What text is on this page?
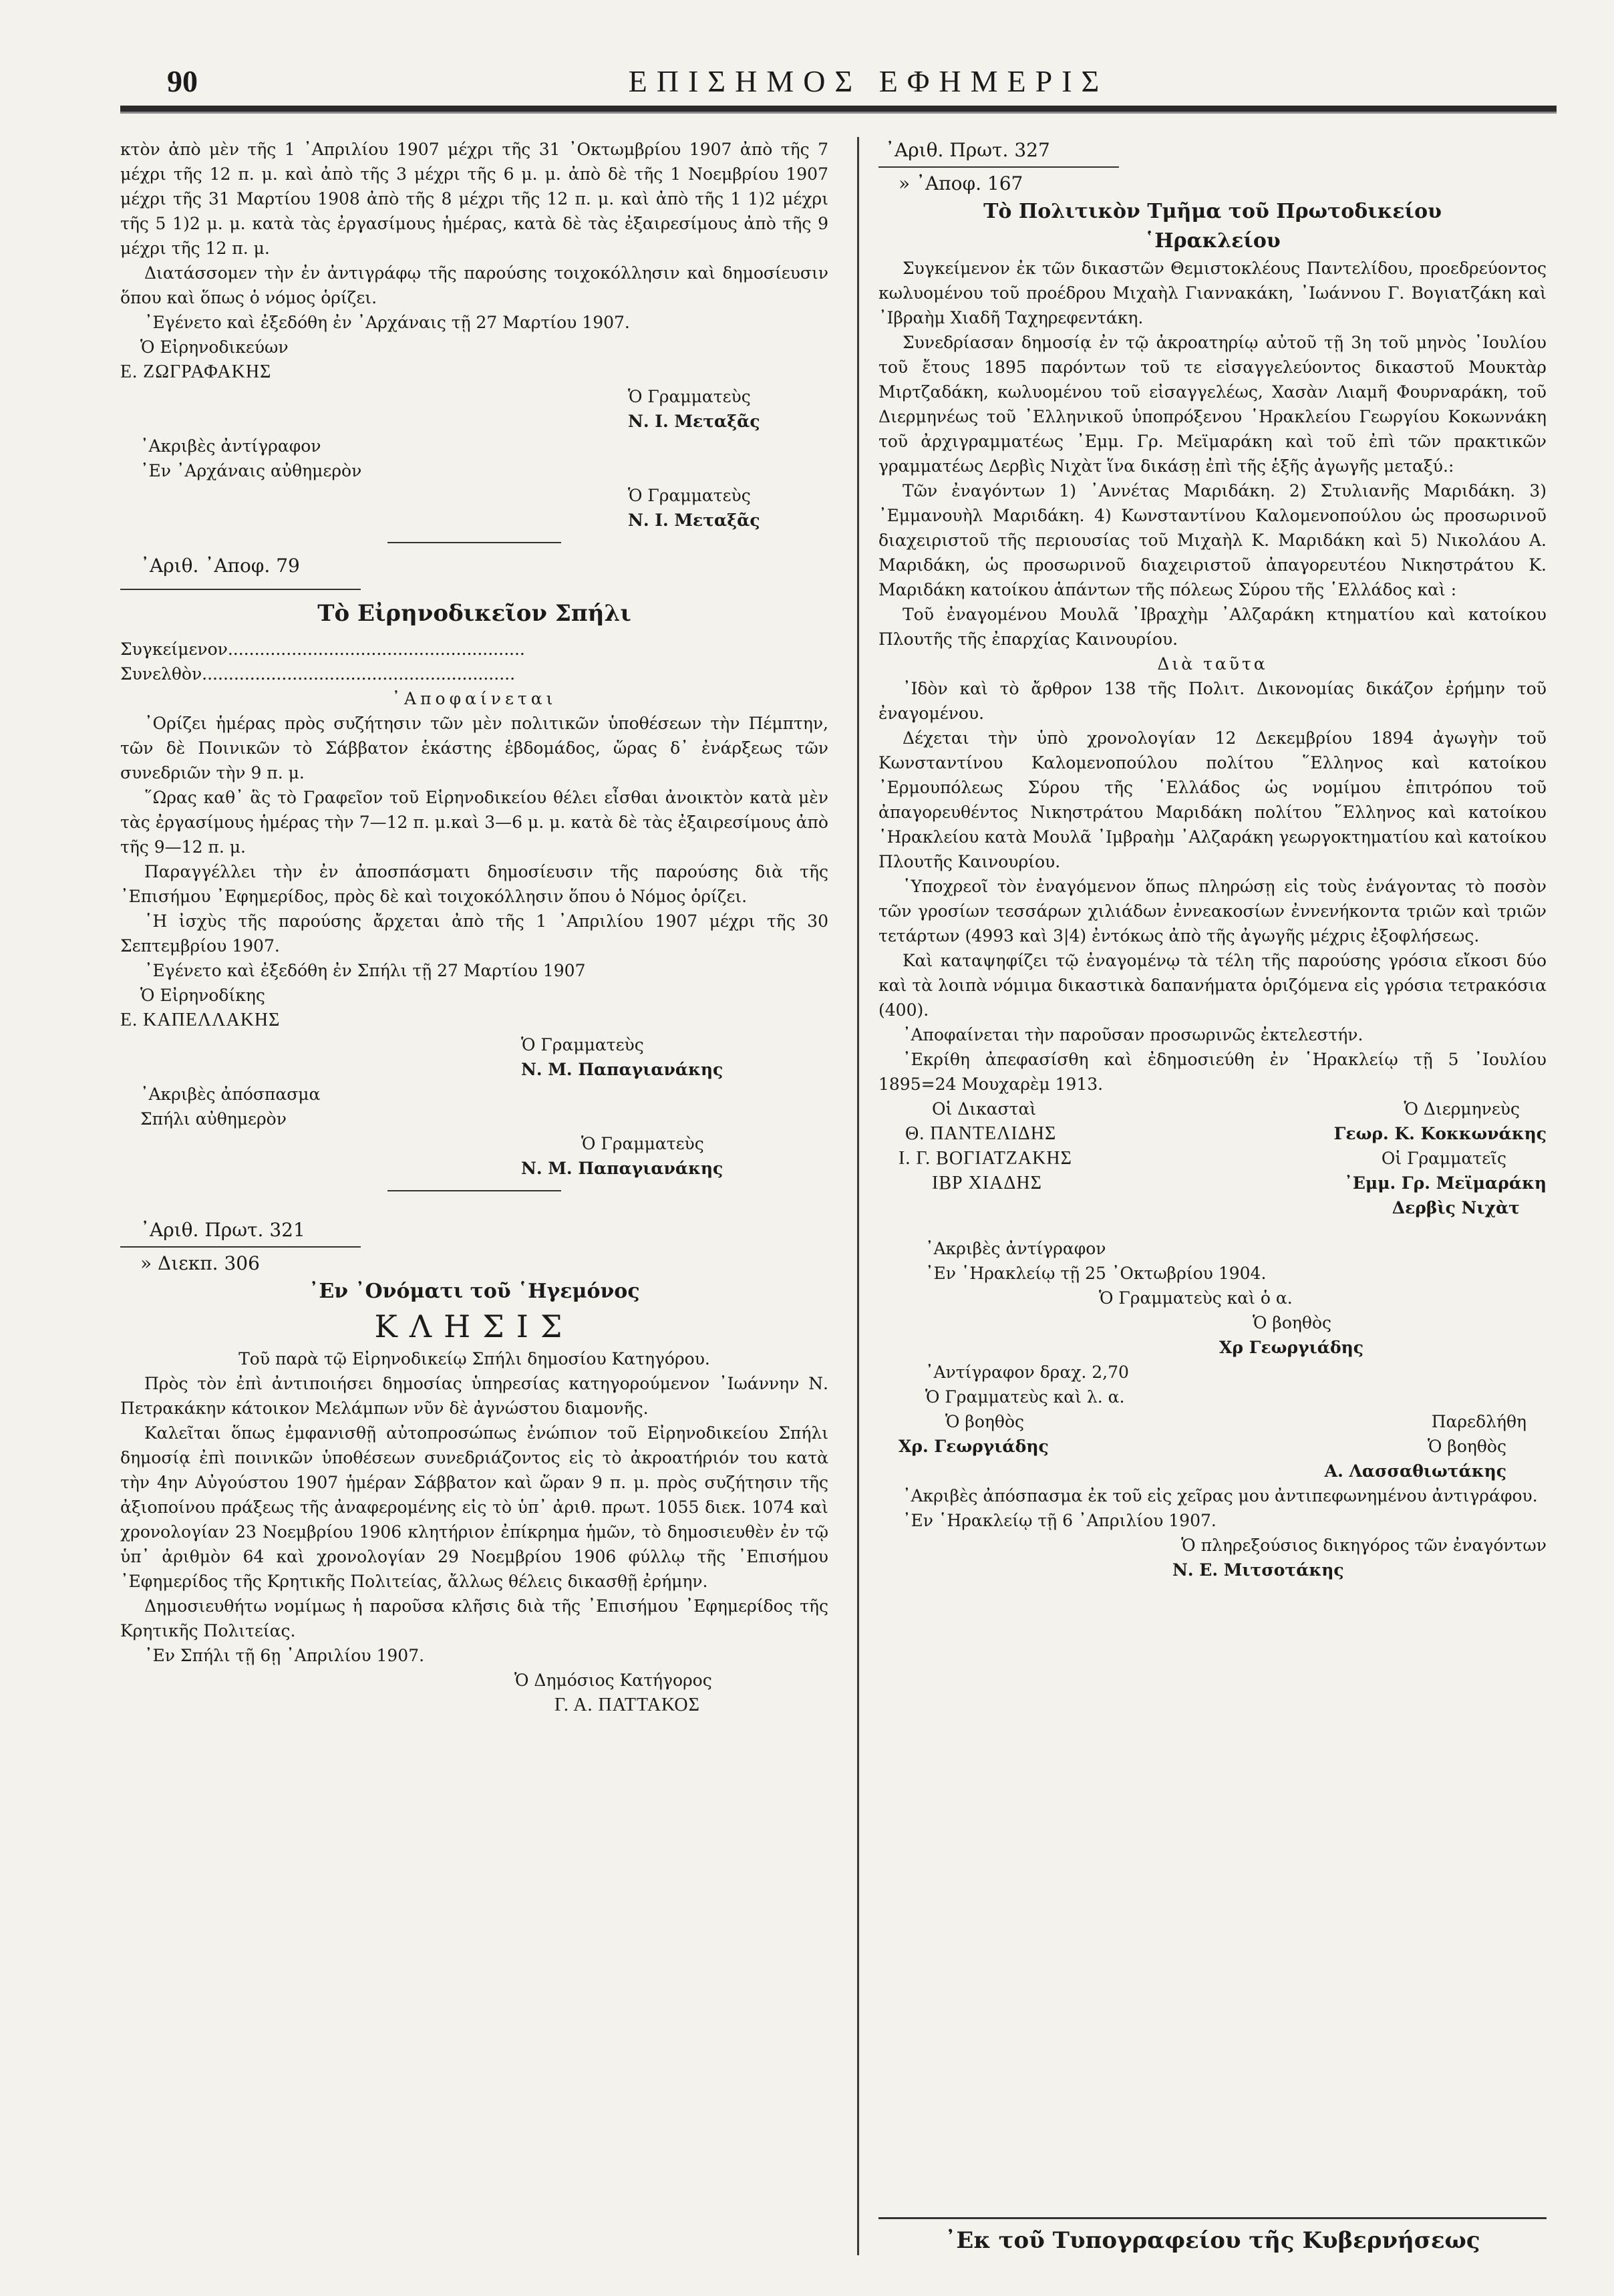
90	ΕΠΙΣΗΜΟΣ ΕΦΗΜΕΡΙΣ

κτὸν ἀπὸ μὲν τῆς 1 ᾿Απριλίου 1907 μέχρι τῆς 31 ᾿Οκτωμβρίου 1907 ἀπὸ τῆς 7 μέχρι τῆς 12 π. μ. καὶ ἀπὸ τῆς 3 μέχρι τῆς 6 μ. μ. ἀπὸ δὲ τῆς 1 Νοεμβρίου 1907 μέχρι τῆς 31 Μαρτίου 1908 ἀπὸ τῆς 8 μέχρι τῆς 12 π. μ. καὶ ἀπὸ τῆς 1 1)2 μέχρι τῆς 5 1)2 μ. μ. κατὰ τὰς ἐργασίμους ἡμέρας, κατὰ δὲ τὰς ἐξαιρεσίμους ἀπὸ τῆς 9 μέχρι τῆς 12 π. μ.

Διατάσσομεν τὴν ἐν ἀντιγράφῳ τῆς παρούσης τοιχοκόλλησιν καὶ δημοσίευσιν ὅπου καὶ ὅπως ὁ νόμος ὁρίζει.

᾿Εγένετο καὶ ἐξεδόθη ἐν ᾿Αρχάναις τῇ 27 Μαρτίου 1907.

Ὁ Εἰρηνοδικεύων

Ε. ΖΩΓΡΑΦΑΚΗΣ

Ὁ Γραμματεὺς

Ν. Ι. Μεταξᾶς

᾿Ακριβὲς ἀντίγραφον

᾿Εν ᾿Αρχάναις αὐθημερὸν

Ὁ Γραμματεὺς

Ν. Ι. Μεταξᾶς

᾿Αριθ. ᾿Αποφ. 79

Τὸ Εἰρηνοδικεῖον Σπήλι

Συγκείμενον........................................................

Συνελθὸν...........................................................

᾿Αποφαίνεται

᾿Ορίζει ἡμέρας πρὸς συζήτησιν τῶν μὲν πολιτικῶν ὑποθέσεων τὴν Πέμπτην, τῶν δὲ Ποινικῶν τὸ Σάββατον ἑκάστης ἑβδομάδος, ὥρας δ᾿ ἐνάρξεως τῶν συνεδριῶν τὴν 9 π. μ.

῞Ωρας καθ᾿ ἃς τὸ Γραφεῖον τοῦ Εἰρηνοδικείου θέλει εἶσθαι ἀνοικτὸν κατὰ μὲν τὰς ἐργασίμους ἡμέρας τὴν 7—12 π. μ.καὶ 3—6 μ. μ. κατὰ δὲ τὰς ἐξαιρεσίμους ἀπὸ τῆς 9—12 π. μ.

Παραγγέλλει τὴν ἐν ἀποσπάσματι δημοσίευσιν τῆς παρούσης διὰ τῆς ᾿Επισήμου ᾿Εφημερίδος, πρὸς δὲ καὶ τοιχοκόλλησιν ὅπου ὁ Νόμος ὁρίζει.

῾Η ἰσχὺς τῆς παρούσης ἄρχεται ἀπὸ τῆς 1 ᾿Απριλίου 1907 μέχρι τῆς 30 Σεπτεμβρίου 1907.

᾿Εγένετο καὶ ἐξεδόθη ἐν Σπήλι τῇ 27 Μαρτίου 1907

Ὁ Εἰρηνοδίκης

Ε. ΚΑΠΕΛΛΑΚΗΣ

Ὁ Γραμματεὺς

Ν. Μ. Παπαγιανάκης

᾿Ακριβὲς ἀπόσπασμα

Σπήλι αὐθημερὸν

Ὁ Γραμματεὺς

Ν. Μ. Παπαγιανάκης

᾿Αριθ. Πρωτ. 321

» Διεκπ. 306

᾿Εν ᾿Ονόματι τοῦ ῾Ηγεμόνος

ΚΛΗΣΙΣ

Τοῦ παρὰ τῷ Εἰρηνοδικείῳ Σπήλι δημοσίου Κατηγόρου.

Πρὸς τὸν ἐπὶ ἀντιποιήσει δημοσίας ὑπηρεσίας κατηγορούμενον ᾿Ιωάννην Ν. Πετρακάκην κάτοικον Μελάμπων νῦν δὲ ἀγνώστου διαμονῆς.

Καλεῖται ὅπως ἐμφανισθῇ αὐτοπροσώπως ἐνώπιον τοῦ Εἰρηνοδικείου Σπήλι δημοσίᾳ ἐπὶ ποινικῶν ὑποθέσεων συνεδριάζοντος εἰς τὸ ἀκροατήριόν του κατὰ τὴν 4ην Αὐγούστου 1907 ἡμέραν Σάββατον καὶ ὥραν 9 π. μ. πρὸς συζήτησιν τῆς ἀξιοποίνου πράξεως τῆς ἀναφερομένης εἰς τὸ ὑπ᾿ ἀριθ. πρωτ. 1055 διεκ. 1074 καὶ χρονολογίαν 23 Νοεμβρίου 1906 κλητήριον ἐπίκρημα ἡμῶν, τὸ δημοσιευθὲν ἐν τῷ ὑπ᾿ ἀριθμὸν 64 καὶ χρονολογίαν 29 Νοεμβρίου 1906 φύλλῳ τῆς ᾿Επισήμου ᾿Εφημερίδος τῆς Κρητικῆς Πολιτείας, ἄλλως θέλεις δικασθῇ ἐρήμην.

Δημοσιευθήτω νομίμως ἡ παροῦσα κλῆσις διὰ τῆς ᾿Επισήμου ᾿Εφημερίδος τῆς Κρητικῆς Πολιτείας.

᾿Εν Σπήλι τῇ 6ῃ ᾿Απριλίου 1907.

Ὁ Δημόσιος Κατήγορος

Γ. Α. ΠΑΤΤΑΚΟΣ

᾿Αριθ. Πρωτ. 327

» ᾿Αποφ. 167

Τὸ Πολιτικὸν Τμῆμα τοῦ Πρωτοδικείου

῾Ηρακλείου

Συγκείμενον ἐκ τῶν δικαστῶν Θεμιστοκλέους Παντελίδου, προεδρεύοντος κωλυομένου τοῦ προέδρου Μιχαὴλ Γιαννακάκη, ᾿Ιωάννου Γ. Βογιατζάκη καὶ ᾿Ιβραὴμ Χιαδῆ Ταχηρεφεντάκη.

Συνεδρίασαν δημοσίᾳ ἐν τῷ ἀκροατηρίῳ αὐτοῦ τῇ 3η τοῦ μηνὸς ᾿Ιουλίου τοῦ ἔτους 1895 παρόντων τοῦ τε εἰσαγγελεύοντος δικαστοῦ Μουκτὰρ Μιρτζαδάκη, κωλυομένου τοῦ εἰσαγγελέως, Χασὰν Λιαμῆ Φουρναράκη, τοῦ Διερμηνέως τοῦ ᾿Ελληνικοῦ ὑποπρόξενου ῾Ηρακλείου Γεωργίου Κοκωννάκη τοῦ ἀρχιγραμματέως ᾿Εμμ. Γρ. Μεϊμαράκη καὶ τοῦ ἐπὶ τῶν πρακτικῶν γραμματέως Δερβὶς Νιχὰτ ἵνα δικάσῃ ἐπὶ τῆς ἑξῆς ἀγωγῆς μεταξύ.:

Τῶν ἐναγόντων 1) ᾿Αννέτας Μαριδάκη. 2) Στυλιανῆς Μαριδάκη. 3) ᾿Εμμανουὴλ Μαριδάκη. 4) Κωνσταντίνου Καλομενοπούλου ὡς προσωρινοῦ διαχειριστοῦ τῆς περιουσίας τοῦ Μιχαὴλ Κ. Μαριδάκη καὶ 5) Νικολάου Α. Μαριδάκη, ὡς προσωρινοῦ διαχειριστοῦ ἀπαγορευτέου Νικηστράτου Κ. Μαριδάκη κατοίκου ἁπάντων τῆς πόλεως Σύρου τῆς ῾Ελλάδος καὶ :

Τοῦ ἐναγομένου Μουλᾶ ᾿Ιβραχὴμ ᾿Αλζαράκη κτηματίου καὶ κατοίκου Πλουτῆς τῆς ἐπαρχίας Καινουρίου.

Διὰ ταῦτα

᾿Ιδὸν καὶ τὸ ἄρθρον 138 τῆς Πολιτ. Δικονομίας δικάζον ἐρήμην τοῦ ἐναγομένου.

Δέχεται τὴν ὑπὸ χρονολογίαν 12 Δεκεμβρίου 1894 ἀγωγὴν τοῦ Κωνσταντίνου Καλομενοπούλου πολίτου ῞Ελληνος καὶ κατοίκου ᾿Ερμουπόλεως Σύρου τῆς ῾Ελλάδος ὡς νομίμου ἐπιτρόπου τοῦ ἀπαγορευθέντος Νικηστράτου Μαριδάκη πολίτου ῞Ελληνος καὶ κατοίκου ῾Ηρακλείου κατὰ Μουλᾶ ᾿Ιμβραὴμ ᾿Αλζαράκη γεωργοκτηματίου καὶ κατοίκου Πλουτῆς Καινουρίου.

῾Υποχρεοῖ τὸν ἐναγόμενον ὅπως πληρώσῃ εἰς τοὺς ἐνάγοντας τὸ ποσὸν τῶν γροσίων τεσσάρων χιλιάδων ἐννεακοσίων ἐννενήκοντα τριῶν καὶ τριῶν τετάρτων (4993 καὶ 3|4) ἐντόκως ἀπὸ τῆς ἀγωγῆς μέχρις ἐξοφλήσεως.

Καὶ καταψηφίζει τῷ ἐναγομένῳ τὰ τέλη τῆς παρούσης γρόσια εἴκοσι δύο καὶ τὰ λοιπὰ νόμιμα δικαστικὰ δαπανήματα ὁριζόμενα εἰς γρόσια τετρακόσια (400).

᾿Αποφαίνεται τὴν παροῦσαν προσωρινῶς ἐκτελεστήν.

᾿Εκρίθη ἀπεφασίσθη καὶ ἐδημοσιεύθη ἐν ῾Ηρακλείῳ τῇ 5 ᾿Ιουλίου 1895=24 Μουχαρὲμ 1913.

Οἱ Δικασταὶ	Ὁ Διερμηνεὺς
Θ. ΠΑΝΤΕΛΙΔΗΣ	Γεωρ. Κ. Κοκκωνάκης
Ι. Γ. ΒΟΓΙΑΤΖΑΚΗΣ	Οἱ Γραμματεῖς
ΙΒΡ ΧΙΑΔΗΣ	᾿Εμμ. Γρ. Μεϊμαράκη

Δερβὶς Νιχὰτ

᾿Ακριβὲς ἀντίγραφον

᾿Εν ῾Ηρακλείῳ τῇ 25 ᾿Οκτωβρίου 1904.

Ὁ Γραμματεὺς καὶ ὁ α.

Ὁ βοηθὸς

Χρ Γεωργιάδης

᾿Αντίγραφον δραχ. 2,70

Ὁ Γραμματεὺς καὶ λ. α.

Ὁ βοηθὸς	Παρεδλήθη
Χρ. Γεωργιάδης	Ὁ βοηθὸς

Α. Λασσαθιωτάκης

᾿Ακριβὲς ἀπόσπασμα ἐκ τοῦ εἰς χεῖρας μου ἀντιπεφωνημένου ἀντιγράφου.

᾿Εν ῾Ηρακλείῳ τῇ 6 ᾿Απριλίου 1907.

Ὁ πληρεξούσιος δικηγόρος τῶν ἐναγόντων

Ν. Ε. Μιτσοτάκης

᾿Εκ τοῦ Τυπογραφείου τῆς Κυβερνήσεως
